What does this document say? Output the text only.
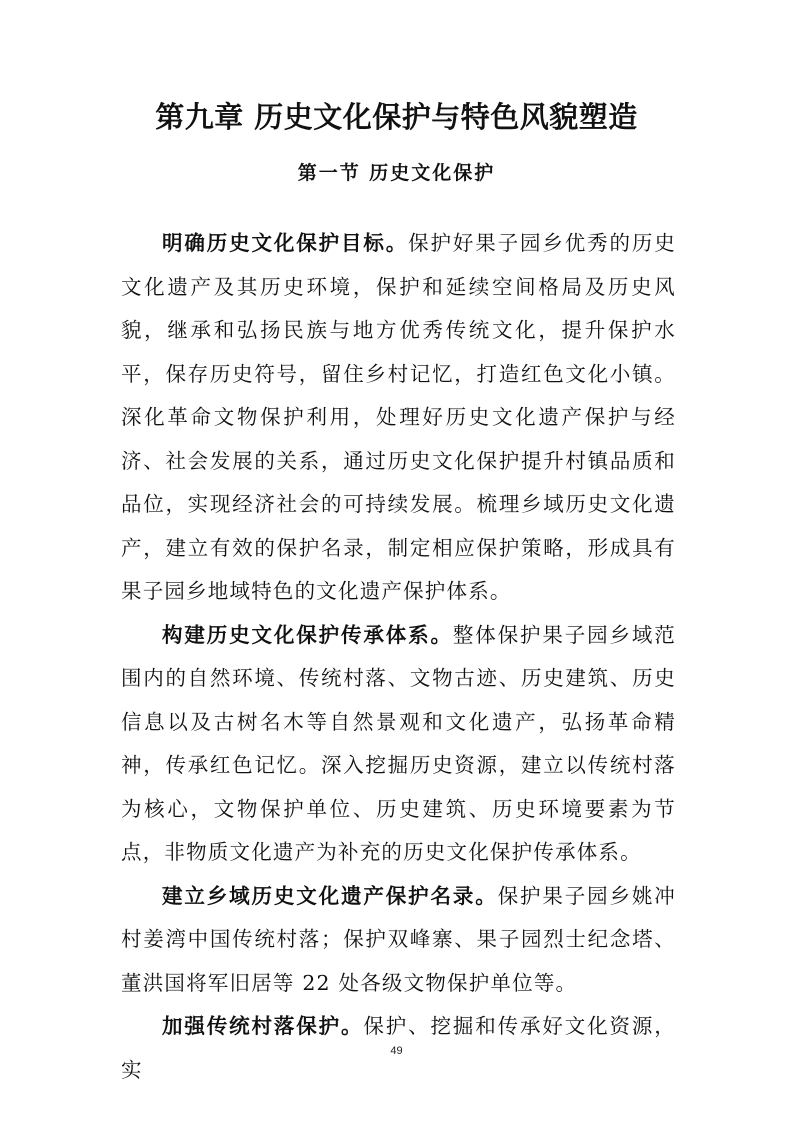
第九章 历史文化保护与特色风貌塑造
第一节 历史文化保护

明确历史文化保护目标。保护好果子园乡优秀的历史文化遗产及其历史环境，保护和延续空间格局及历史风貌，继承和弘扬民族与地方优秀传统文化，提升保护水平，保存历史符号，留住乡村记忆，打造红色文化小镇。深化革命文物保护利用，处理好历史文化遗产保护与经济、社会发展的关系，通过历史文化保护提升村镇品质和品位，实现经济社会的可持续发展。梳理乡域历史文化遗产，建立有效的保护名录，制定相应保护策略，形成具有果子园乡地域特色的文化遗产保护体系。

构建历史文化保护传承体系。整体保护果子园乡域范围内的自然环境、传统村落、文物古迹、历史建筑、历史信息以及古树名木等自然景观和文化遗产，弘扬革命精神，传承红色记忆。深入挖掘历史资源，建立以传统村落为核心，文物保护单位、历史建筑、历史环境要素为节点，非物质文化遗产为补充的历史文化保护传承体系。

建立乡域历史文化遗产保护名录。保护果子园乡姚冲村姜湾中国传统村落；保护双峰寨、果子园烈士纪念塔、董洪国将军旧居等 22 处各级文物保护单位等。

加强传统村落保护。保护、挖掘和传承好文化资源，实

49
